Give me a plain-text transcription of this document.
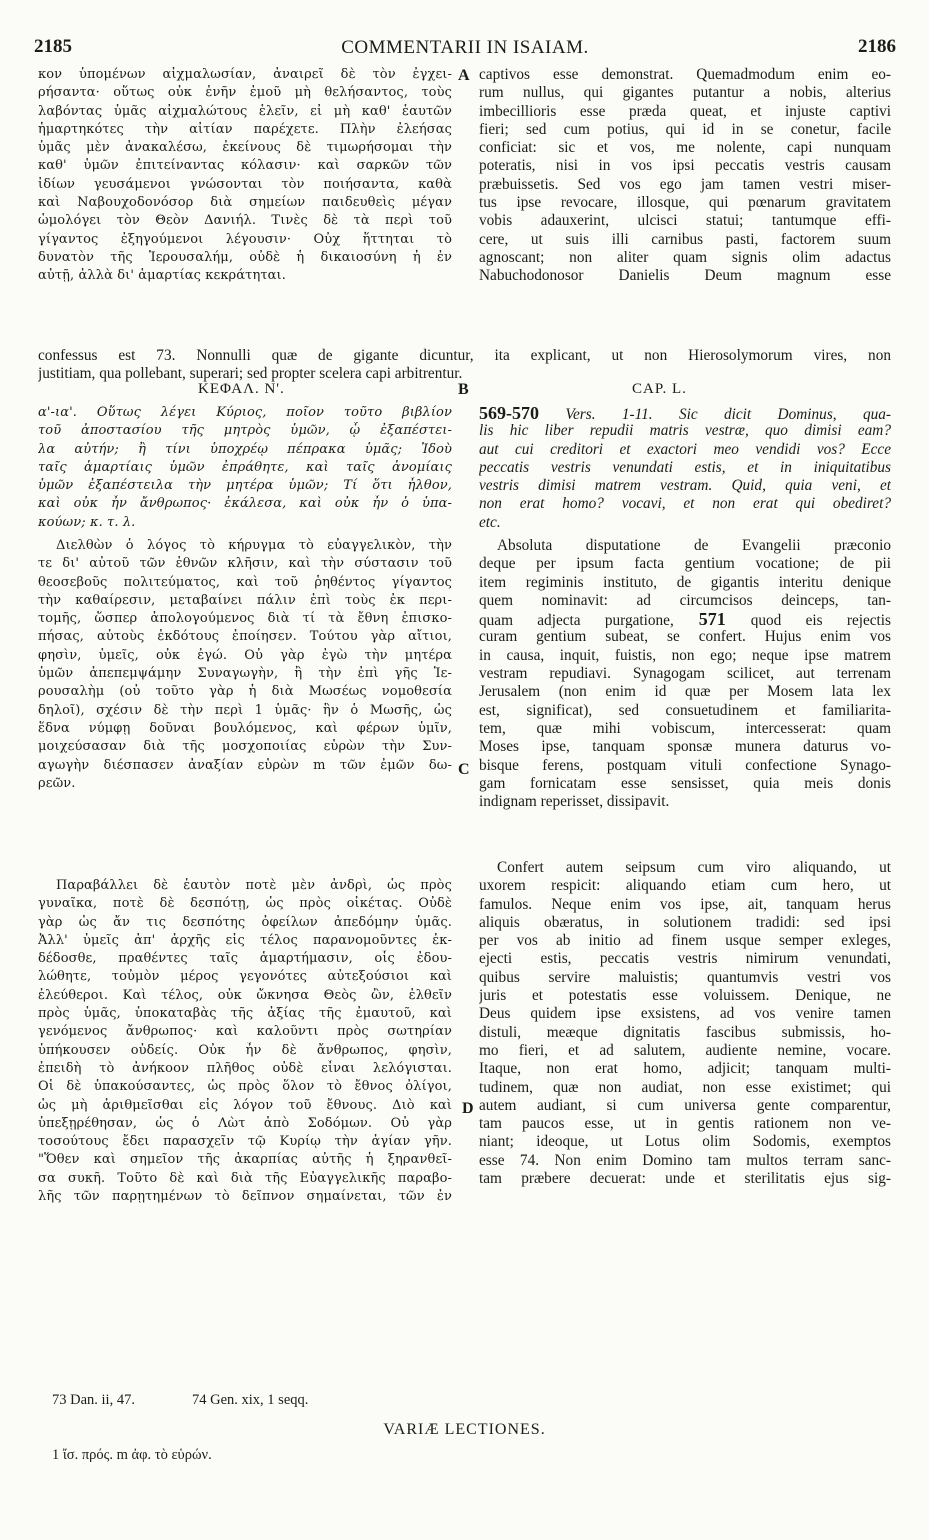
2185	COMMENTARII IN ISAIAM.	2186
κον ὑπομένων αἰχμαλωσίαν, ἀναιρεῖ δὲ τὸν ἐγχει-
ρήσαντα· οὕτως οὐκ ἐνῆν ἐμοῦ μὴ θελήσαντος, τοὺς
λαβόντας ὑμᾶς αἰχμαλώτους ἑλεῖν, εἰ μὴ καθ' ἑαυτῶν
ἡμαρτηκότες τὴν αἰτίαν παρέχετε. Πλὴν ἐλεήσας
ὑμᾶς μὲν ἀνακαλέσω, ἐκείνους δὲ τιμωρήσομαι τὴν
καθ' ὑμῶν ἐπιτείναντας κόλασιν· καὶ σαρκῶν τῶν
ἰδίων γευσάμενοι γνώσονται τὸν ποιήσαντα, καθὰ
καὶ Ναβουχοδονόσορ διὰ σημείων παιδευθεὶς μέγαν
ὡμολόγει τὸν Θεὸν Δανιήλ. Τινὲς δὲ τὰ περὶ τοῦ
γίγαντος ἐξηγούμενοι λέγουσιν· Οὐχ ἥττηται τὸ
δυνατὸν τῆς Ἱερουσαλήμ, οὐδὲ ἡ δικαιοσύνη ἡ ἐν
αὐτῇ, ἀλλὰ δι' ἁμαρτίας κεκράτηται.
captivos esse demonstrat. Quemadmodum enim eo-
rum nullus, qui gigantes putantur a nobis, alterius
imbecillioris esse præda queat, et injuste captivi
fieri; sed cum potius, qui id in se conetur, facile
conficiat: sic et vos, me nolente, capi nunquam
poteratis, nisi in vos ipsi peccatis vestris causam
præbuissetis. Sed vos ego jam tamen vestri miser-
tus ipse revocare, illosque, qui pœnarum gravitatem
vobis adauxerint, ulcisci statui; tantumque effi-
cere, ut suis illi carnibus pasti, factorem suum
agnoscant; non aliter quam signis olim adactus
Nabuchodonosor Danielis Deum magnum esse
A
confessus est 73. Nonnulli quæ de gigante dicuntur, ita explicant, ut non Hierosolymorum vires, non
justitiam, qua pollebant, superari; sed propter scelera capi arbitrentur.
ΚΕΦΑΛ. Ν'.	B	CAP. L.
α'-ια'. Οὕτως λέγει Κύριος, ποῖον τοῦτο βιβλίον
τοῦ ἀποστασίου τῆς μητρὸς ὑμῶν, ᾧ ἐξαπέστει-
λα αὐτήν; ἢ τίνι ὑποχρέῳ πέπρακα ὑμᾶς; Ἰδοὺ
ταῖς ἁμαρτίαις ὑμῶν ἐπράθητε, καὶ ταῖς ἀνομίαις
ὑμῶν ἐξαπέστειλα τὴν μητέρα ὑμῶν; Τί ὅτι ἦλθον,
καὶ οὐκ ἦν ἄνθρωπος· ἐκάλεσα, καὶ οὐκ ἦν ὁ ὑπα-
κούων; κ. τ. λ.
569-570 Vers. 1-11. Sic dicit Dominus, qua-
lis hic liber repudii matris vestræ, quo dimisi eam?
aut cui creditori et exactori meo vendidi vos? Ecce
peccatis vestris venundati estis, et in iniquitatibus
vestris dimisi matrem vestram. Quid, quia veni, et
non erat homo? vocavi, et non erat qui obediret?
etc.
Διελθὼν ὁ λόγος τὸ κήρυγμα τὸ εὐαγγελικὸν, τὴν
τε δι' αὐτοῦ τῶν ἐθνῶν κλῆσιν, καὶ τὴν σύστασιν τοῦ
θεοσεβοῦς πολιτεύματος, καὶ τοῦ ῥηθέντος γίγαντος
τὴν καθαίρεσιν, μεταβαίνει πάλιν ἐπὶ τοὺς ἐκ περι-
τομῆς, ὥσπερ ἀπολογούμενος διὰ τί τὰ ἔθνη ἐπισκο-
πήσας, αὐτοὺς ἐκδότους ἐποίησεν. Τούτου γὰρ αἴτιοι,
φησὶν, ὑμεῖς, οὐκ ἐγώ. Οὐ γὰρ ἐγὼ τὴν μητέρα
ὑμῶν ἀπεπεμψάμην Συναγωγὴν, ἢ τὴν ἐπὶ γῆς Ἱε-
ρουσαλὴμ (οὐ τοῦτο γὰρ ἡ διὰ Μωσέως νομοθεσία
δηλοῖ), σχέσιν δὲ τὴν περὶ 1 ὑμᾶς· ἣν ὁ Μωσῆς, ὡς
ἕδνα νύμφῃ δοῦναι βουλόμενος, καὶ φέρων ὑμῖν,
μοιχεύσασαν διὰ τῆς μοσχοποιίας εὑρὼν τὴν Συν-
αγωγὴν διέσπασεν ἀναξίαν εὑρὼν m τῶν ἐμῶν δω-
ρεῶν.
Absoluta disputatione de Evangelii præconio
deque per ipsum facta gentium vocatione; de pii
item regiminis instituto, de gigantis interitu denique
quem nominavit: ad circumcisos deinceps, tan-
quam adjecta purgatione, 571 quod eis rejectis
curam gentium subeat, se confert. Hujus enim vos
in causa, inquit, fuistis, non ego; neque ipse matrem
vestram repudiavi. Synagogam scilicet, aut terrenam
Jerusalem (non enim id quæ per Mosem lata lex
est, significat), sed consuetudinem et familiarita-
tem, quæ mihi vobiscum, intercesserat: quam
Moses ipse, tanquam sponsæ munera daturus vo-
bisque ferens, postquam vituli confectione Synago-
gam fornicatam esse sensisset, quia meis donis
indignam reperisset, dissipavit.
C
Παραβάλλει δὲ ἑαυτὸν ποτὲ μὲν ἀνδρὶ, ὡς πρὸς
γυναῖκα, ποτὲ δὲ δεσπότῃ, ὡς πρὸς οἰκέτας. Οὐδὲ
γὰρ ὡς ἄν τις δεσπότης ὀφείλων ἀπεδόμην ὑμᾶς.
Ἀλλ' ὑμεῖς ἀπ' ἀρχῆς εἰς τέλος παρανομοῦντες ἐκ-
δέδοσθε, πραθέντες ταῖς ἁμαρτήμασιν, οἷς ἐδου-
λώθητε, τοὐμὸν μέρος γεγονότες αὐτεξούσιοι καὶ
ἐλεύθεροι. Καὶ τέλος, οὐκ ὤκνησα Θεὸς ὢν, ἐλθεῖν
πρὸς ὑμᾶς, ὑποκαταβὰς τῆς ἀξίας τῆς ἐμαυτοῦ, καὶ
γενόμενος ἄνθρωπος· καὶ καλοῦντι πρὸς σωτηρίαν
ὑπήκουσεν οὐδείς. Οὐκ ἦν δὲ ἄνθρωπος, φησὶν,
ἐπειδὴ τὸ ἀνήκοον πλῆθος οὐδὲ εἶναι λελόγισται.
Οἱ δὲ ὑπακούσαντες, ὡς πρὸς ὅλον τὸ ἔθνος ὀλίγοι,
ὡς μὴ ἀριθμεῖσθαι εἰς λόγον τοῦ ἔθνους. Διὸ καὶ
ὑπεξῃρέθησαν, ὡς ὁ Λὼτ ἀπὸ Σοδόμων. Οὐ γὰρ
τοσούτους ἔδει παρασχεῖν τῷ Κυρίῳ τὴν ἁγίαν γῆν.
"Ὅθεν καὶ σημεῖον τῆς ἀκαρπίας αὐτῆς ἡ ξηρανθεῖ-
σα συκῆ. Τοῦτο δὲ καὶ διὰ τῆς Εὐαγγελικῆς παραβο-
λῆς τῶν παρῃτημένων τὸ δεῖπνον σημαίνεται, τῶν ἐν
Confert autem seipsum cum viro aliquando, ut
uxorem respicit: aliquando etiam cum hero, ut
famulos. Neque enim vos ipse, ait, tanquam herus
aliquis obæratus, in solutionem tradidi: sed ipsi
per vos ab initio ad finem usque semper exleges,
ejecti estis, peccatis vestris nimirum venundati,
quibus servire maluistis; quantumvis vestri vos
juris et potestatis esse voluissem. Denique, ne
Deus quidem ipse exsistens, ad vos venire tamen
distuli, meæque dignitatis fascibus submissis, ho-
mo fieri, et ad salutem, audiente nemine, vocare.
Itaque, non erat homo, adjicit; tanquam multi-
tudinem, quæ non audiat, non esse existimet; qui
autem audiant, si cum universa gente comparentur,
tam paucos esse, ut in gentis rationem non ve-
niant; ideoque, ut Lotus olim Sodomis, exemptos
esse 74. Non enim Domino tam multos terram sanc-
tam præbere decuerat: unde et sterilitatis ejus sig-
D
73 Dan. ii, 47.	74 Gen. xix, 1 seqq.
VARIÆ LECTIONES.
1 ἴσ. πρός. m ἀφ. τὸ εὑρών.
